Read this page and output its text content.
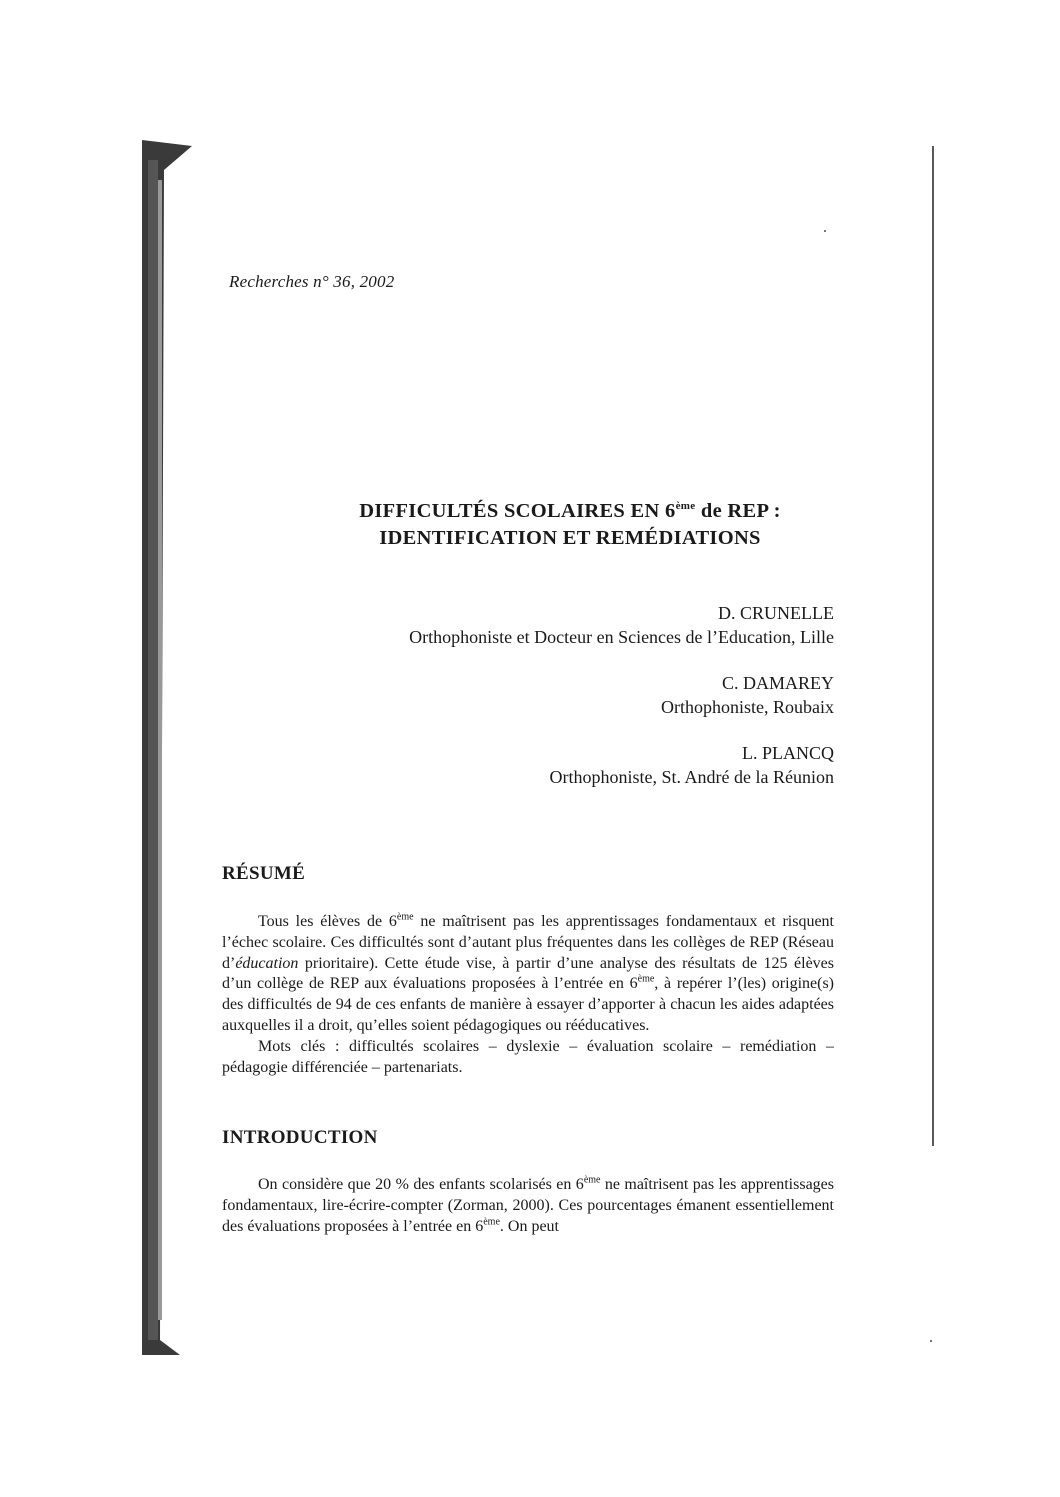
Recherches n° 36, 2002
DIFFICULTÉS SCOLAIRES EN 6ème de REP :
IDENTIFICATION ET REMÉDIATIONS
D. CRUNELLE
Orthophoniste et Docteur en Sciences de l’Education, Lille
C. DAMAREY
Orthophoniste, Roubaix
L. PLANCQ
Orthophoniste, St. André de la Réunion
RÉSUMÉ

Tous les élèves de 6ème ne maîtrisent pas les apprentissages fondamentaux et risquent l’échec scolaire. Ces difficultés sont d’autant plus fréquentes dans les collèges de REP (Réseau d’éducation prioritaire). Cette étude vise, à partir d’une analyse des résultats de 125 élèves d’un collège de REP aux évaluations proposées à l’entrée en 6ème, à repérer l’(les) origine(s) des difficultés de 94 de ces enfants de manière à essayer d’apporter à chacun les aides adaptées auxquelles il a droit, qu’elles soient pédagogiques ou rééducatives.

Mots clés : difficultés scolaires – dyslexie – évaluation scolaire – remédiation – pédagogie différenciée – partenariats.

INTRODUCTION

On considère que 20 % des enfants scolarisés en 6ème ne maîtrisent pas les apprentissages fondamentaux, lire-écrire-compter (Zorman, 2000). Ces pourcentages émanent essentiellement des évaluations proposées à l’entrée en 6ème. On peut
